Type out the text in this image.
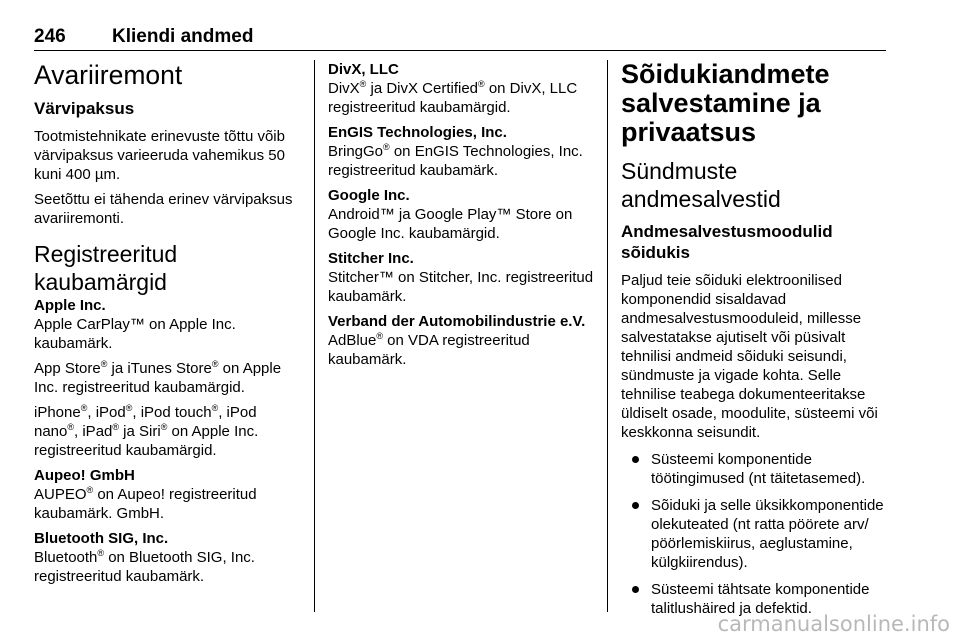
246 Kliendi andmed
Avariiremont
Värvipaksus

Tootmistehnikate erinevuste tõttu võib värvipaksus varieeruda vahemikus 50 kuni 400 µm.

Seetõttu ei tähenda erinev värvipaksus avariiremonti.

Registreeritud kaubamärgid

Apple Inc.

Apple CarPlay™ on Apple Inc. kaubamärk.

App Store® ja iTunes Store® on Apple Inc. registreeritud kaubamärgid.

iPhone®, iPod®, iPod touch®, iPod nano®, iPad® ja Siri® on Apple Inc. registreeritud kaubamärgid.

Aupeo! GmbH

AUPEO® on Aupeo! registreeritud kaubamärk. GmbH.

Bluetooth SIG, Inc.

Bluetooth® on Bluetooth SIG, Inc. registreeritud kaubamärk.

DivX, LLC

DivX® ja DivX Certified® on DivX, LLC registreeritud kaubamärgid.

EnGIS Technologies, Inc.

BringGo® on EnGIS Technologies, Inc. registreeritud kaubamärk.

Google Inc.

Android™ ja Google Play™ Store on Google Inc. kaubamärgid.

Stitcher Inc.

Stitcher™ on Stitcher, Inc. registreeritud kaubamärk.

Verband der Automobilindustrie e.V.

AdBlue® on VDA registreeritud kaubamärk.

Sõidukiandmete salvestamine ja privaatsus
Sündmuste andmesalvestid
Andmesalvestusmoodulid sõidukis

Paljud teie sõiduki elektroonilised komponendid sisaldavad andmesalvestusmooduleid, millesse salvestatakse ajutiselt või püsivalt tehnilisi andmeid sõiduki seisundi, sündmuste ja vigade kohta. Selle tehnilise teabega dokumenteeritakse üldiselt osade, moodulite, süsteemi või keskkonna seisundit.

Süsteemi komponentide töötingimused (nt täitetasemed).
Sõiduki ja selle üksikkomponentide olekuteated (nt ratta pöörete arv/ pöörlemiskiirus, aeglustamine, külgkiirendus).
Süsteemi tähtsate komponentide talitlushäired ja defektid.
carmanualsonline.info
